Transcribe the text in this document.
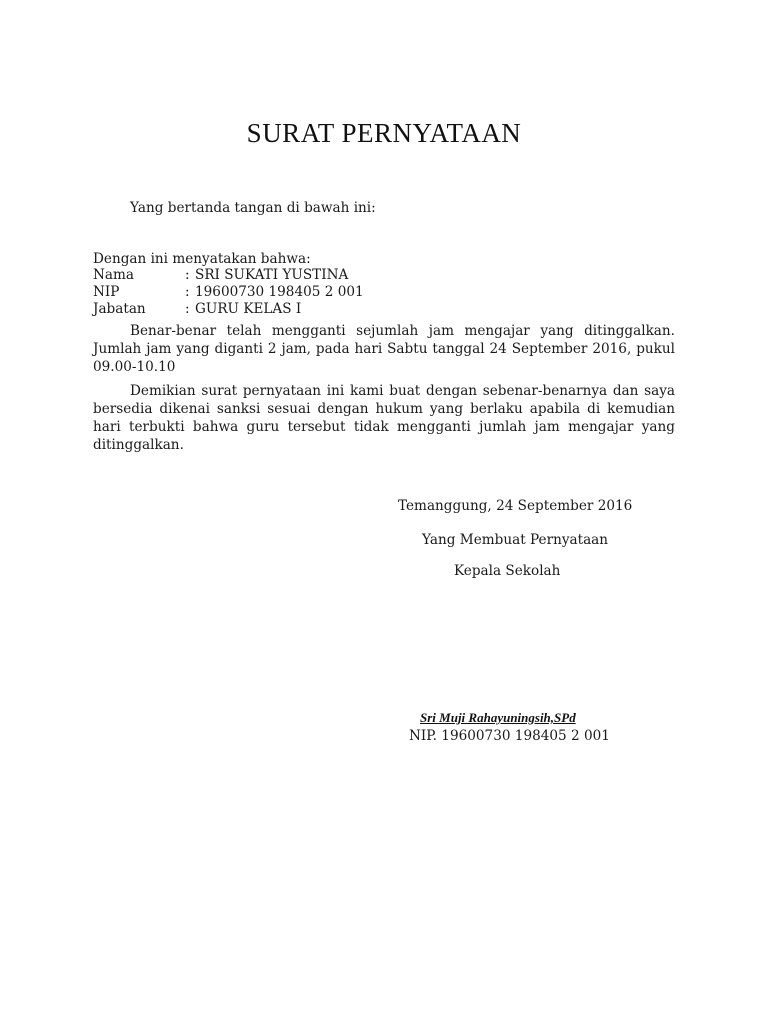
SURAT PERNYATAAN
Yang bertanda tangan di bawah ini:
Dengan ini menyatakan bahwa:
Nama	: SRI SUKATI YUSTINA
NIP	: 19600730 198405 2 001
Jabatan	: GURU KELAS I
Benar-benar telah mengganti sejumlah jam mengajar yang ditinggalkan. Jumlah jam yang diganti 2 jam, pada hari Sabtu tanggal 24 September 2016, pukul 09.00-10.10
Demikian surat pernyataan ini kami buat dengan sebenar-benarnya dan saya bersedia dikenai sanksi sesuai dengan hukum yang berlaku apabila di kemudian hari terbukti bahwa guru tersebut tidak mengganti jumlah jam mengajar yang ditinggalkan.
Temanggung, 24 September 2016
Yang Membuat Pernyataan
Kepala Sekolah
Sri Muji Rahayuningsih,SPd
NIP. 19600730 198405 2 001
